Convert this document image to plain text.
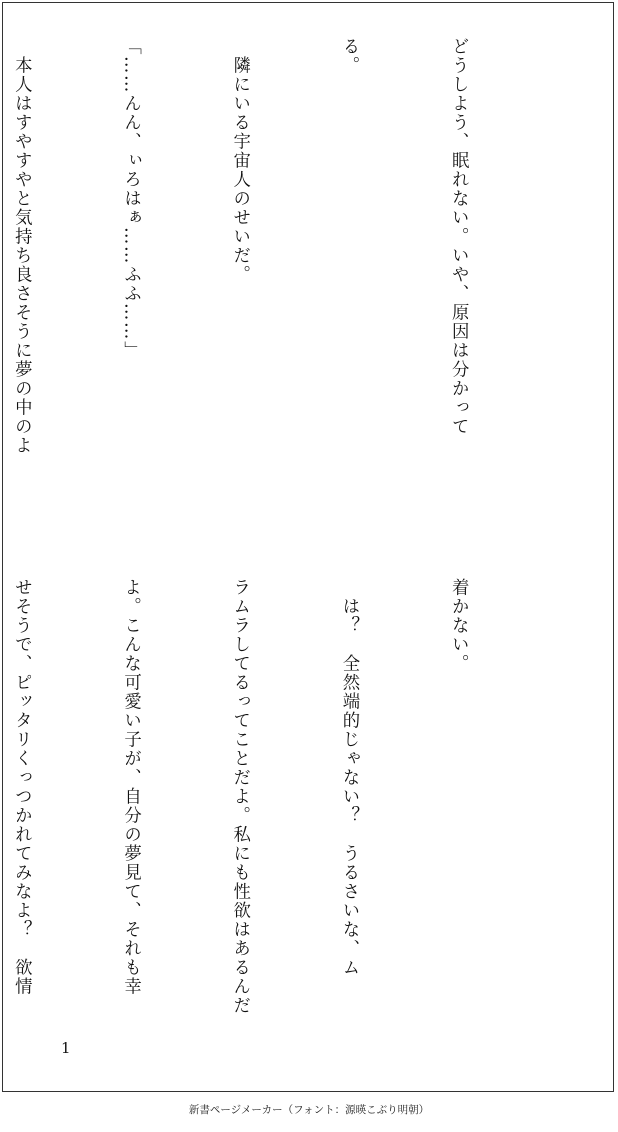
どうしよう、眠れない。いや、原因は分かって

る。

　隣にいる宇宙人のせいだ。

「……んん、ぃろはぁ……ふふ……」

　本人はすやすやと気持ち良さそうに夢の中のよ

着かない。

　は？　全然端的じゃない？　うるさいな、ム

ラムラしてるってことだよ。私にも性欲はあるんだ

よ。こんな可愛い子が、自分の夢見て、それも幸

せそうで、ピッタリくっつかれてみなよ？　欲情

1
新書ページメーカー（フォント：源暎こぶり明朝）
